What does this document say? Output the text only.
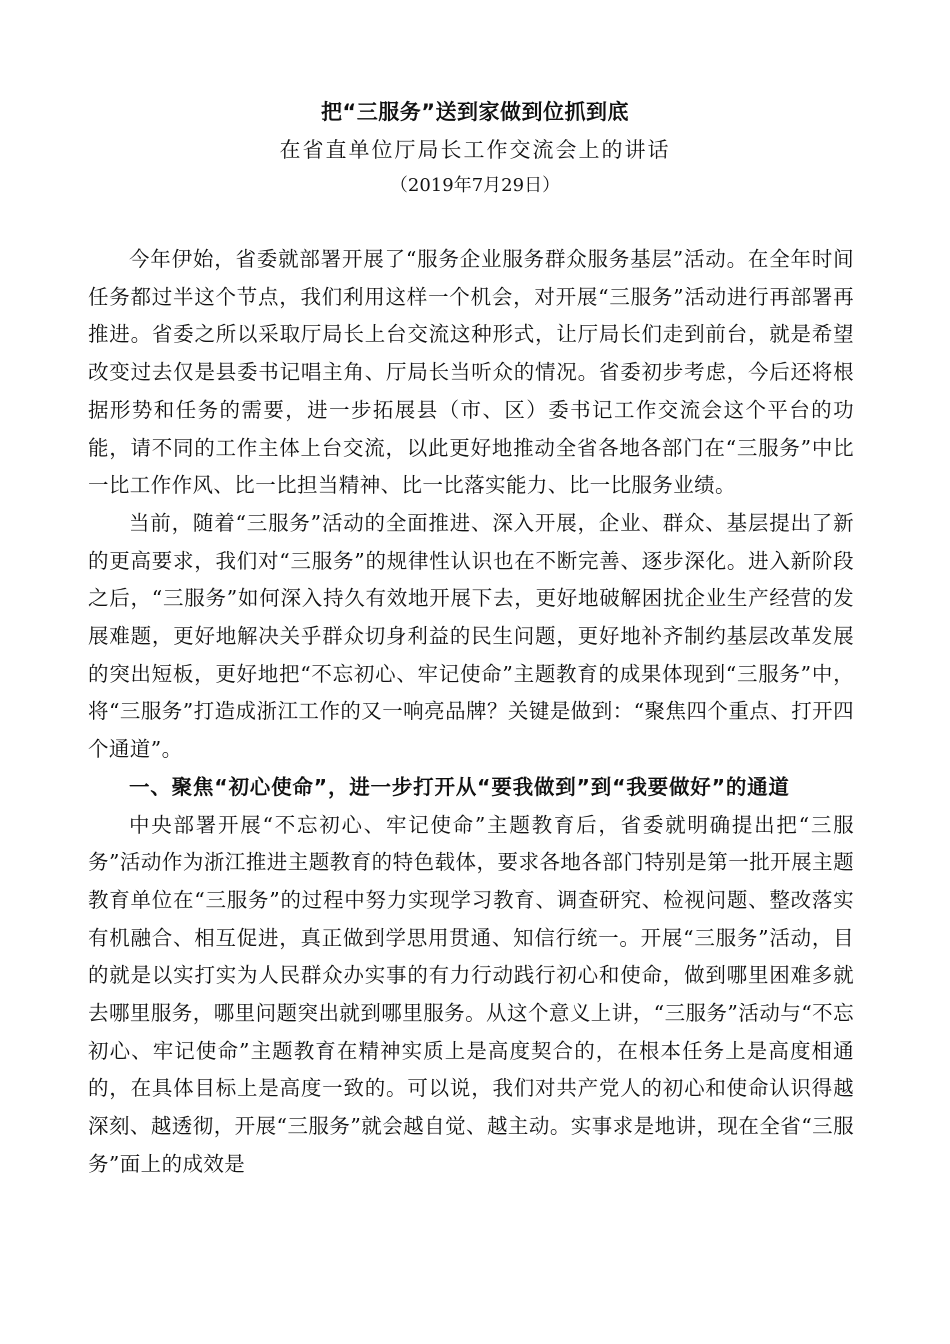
把“三服务”送到家做到位抓到底
在省直单位厅局长工作交流会上的讲话
（2019年7月29日）

今年伊始，省委就部署开展了“服务企业服务群众服务基层”活动。在全年时间任务都过半这个节点，我们利用这样一个机会，对开展“三服务”活动进行再部署再推进。省委之所以采取厅局长上台交流这种形式，让厅局长们走到前台，就是希望改变过去仅是县委书记唱主角、厅局长当听众的情况。省委初步考虑，今后还将根据形势和任务的需要，进一步拓展县（市、区）委书记工作交流会这个平台的功能，请不同的工作主体上台交流，以此更好地推动全省各地各部门在“三服务”中比一比工作作风、比一比担当精神、比一比落实能力、比一比服务业绩。

当前，随着“三服务”活动的全面推进、深入开展，企业、群众、基层提出了新的更高要求，我们对“三服务”的规律性认识也在不断完善、逐步深化。进入新阶段之后，“三服务”如何深入持久有效地开展下去，更好地破解困扰企业生产经营的发展难题，更好地解决关乎群众切身利益的民生问题，更好地补齐制约基层改革发展的突出短板，更好地把“不忘初心、牢记使命”主题教育的成果体现到“三服务”中，将“三服务”打造成浙江工作的又一响亮品牌？关键是做到：“聚焦四个重点、打开四个通道”。

一、聚焦“初心使命”，进一步打开从“要我做到”到“我要做好”的通道

中央部署开展“不忘初心、牢记使命”主题教育后，省委就明确提出把“三服务”活动作为浙江推进主题教育的特色载体，要求各地各部门特别是第一批开展主题教育单位在“三服务”的过程中努力实现学习教育、调查研究、检视问题、整改落实有机融合、相互促进，真正做到学思用贯通、知信行统一。开展“三服务”活动，目的就是以实打实为人民群众办实事的有力行动践行初心和使命，做到哪里困难多就去哪里服务，哪里问题突出就到哪里服务。从这个意义上讲，“三服务”活动与“不忘初心、牢记使命”主题教育在精神实质上是高度契合的，在根本任务上是高度相通的，在具体目标上是高度一致的。可以说，我们对共产党人的初心和使命认识得越深刻、越透彻，开展“三服务”就会越自觉、越主动。实事求是地讲，现在全省“三服务”面上的成效是
